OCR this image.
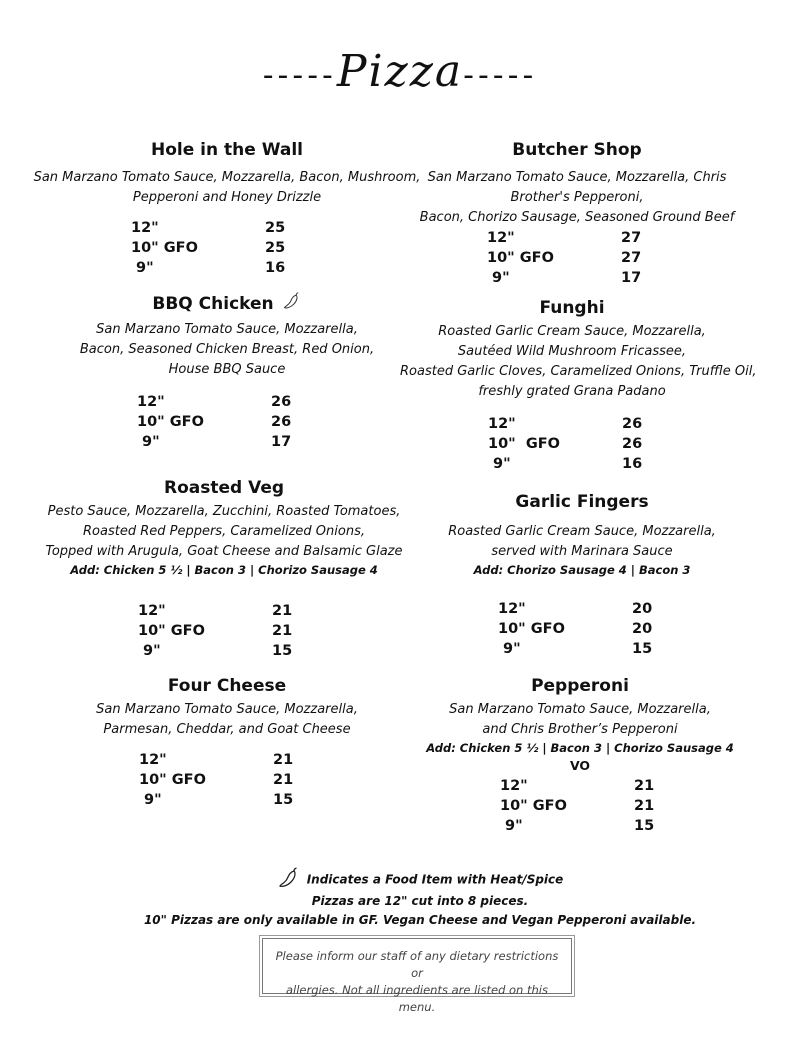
-----Pizza-----
Hole in the Wall
San Marzano Tomato Sauce, Mozzarella, Bacon, Mushroom,
Pepperoni and Honey Drizzle
12"	25
10" GFO	25
9"	16
Butcher Shop
San Marzano Tomato Sauce, Mozzarella, Chris
Brother's Pepperoni,
Bacon, Chorizo Sausage, Seasoned Ground Beef
12"	27
10" GFO	27
9"	17
BBQ Chicken
San Marzano Tomato Sauce, Mozzarella,
Bacon, Seasoned Chicken Breast, Red Onion,
House BBQ Sauce
12"	26
10" GFO	26
9"	17
Funghi
Roasted Garlic Cream Sauce, Mozzarella,
Sautéed Wild Mushroom Fricassee,
Roasted Garlic Cloves, Caramelized Onions, Truffle Oil,
freshly grated Grana Padano
12"	26
10"  GFO	26
9"	16
Roasted Veg
Pesto Sauce, Mozzarella, Zucchini, Roasted Tomatoes,
Roasted Red Peppers, Caramelized Onions,
Topped with Arugula, Goat Cheese and Balsamic Glaze
Add: Chicken 5 ½ | Bacon 3 | Chorizo Sausage 4
12"	21
10" GFO	21
9"	15
Garlic Fingers
Roasted Garlic Cream Sauce, Mozzarella,
served with Marinara Sauce
Add: Chorizo Sausage 4 | Bacon 3
12"	20
10" GFO	20
9"	15
Four Cheese
San Marzano Tomato Sauce, Mozzarella,
Parmesan, Cheddar, and Goat Cheese
12"	21
10" GFO	21
9"	15
Pepperoni
San Marzano Tomato Sauce, Mozzarella,
and Chris Brother’s Pepperoni
Add: Chicken 5 ½ | Bacon 3 | Chorizo Sausage 4
VO
12"	21
10" GFO	21
9"	15
Indicates a Food Item with Heat/Spice
Pizzas are 12" cut into 8 pieces.
10" Pizzas are only available in GF. Vegan Cheese and Vegan Pepperoni available.

Please inform our staff of any dietary restrictions or
allergies. Not all ingredients are listed on this menu.
